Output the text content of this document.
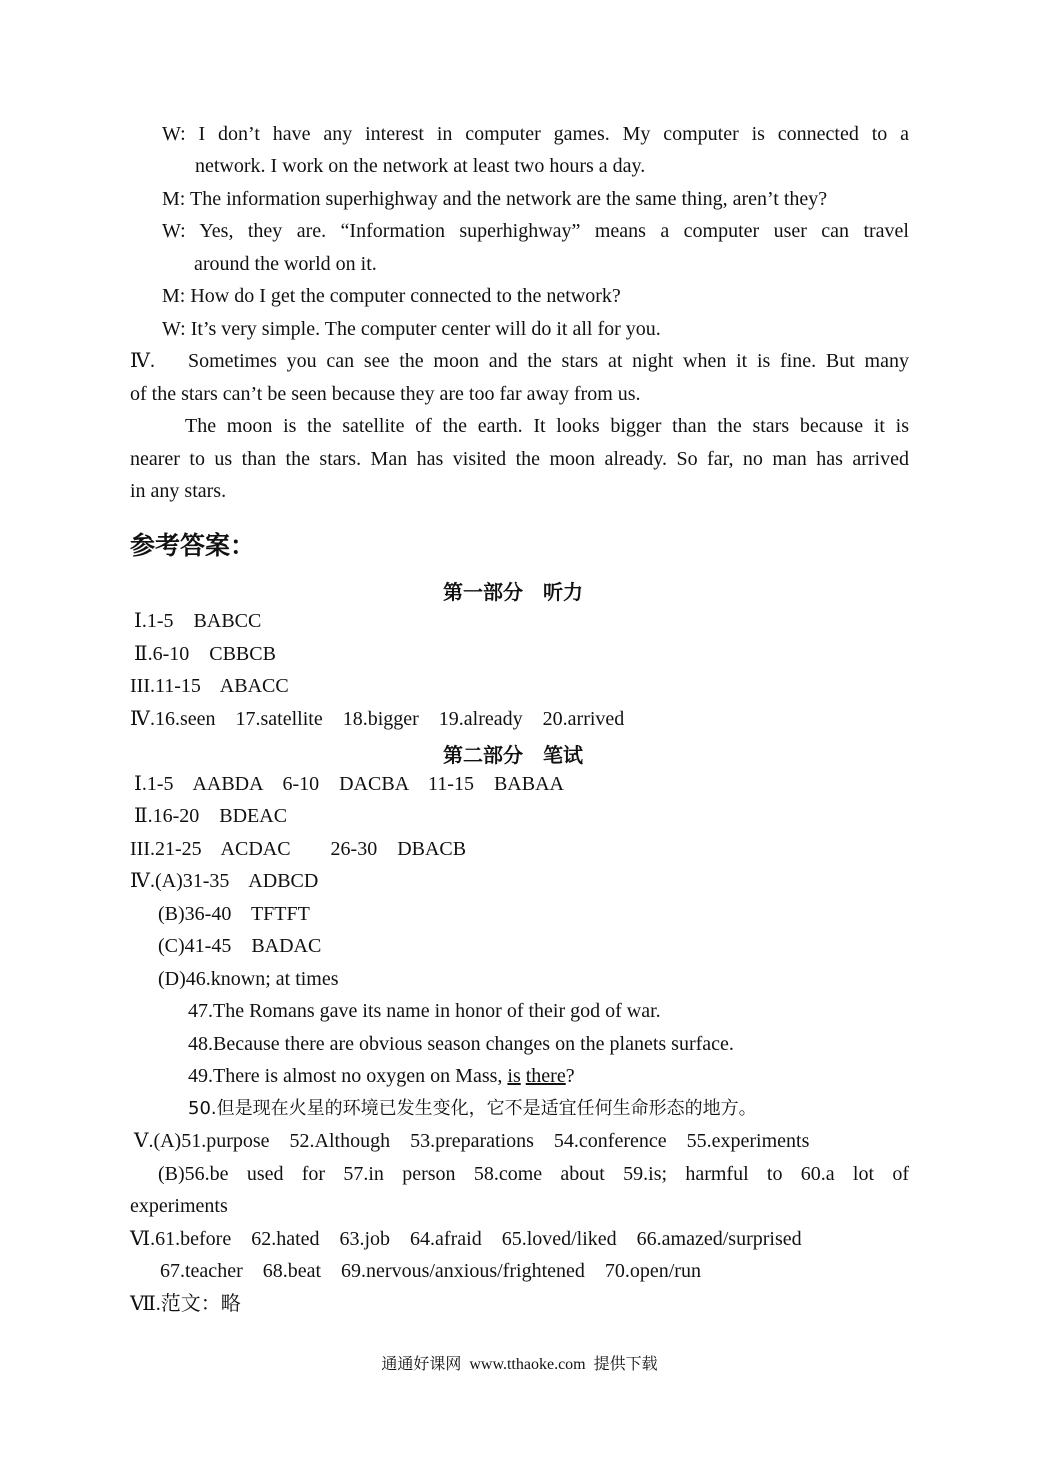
W: I don’t have any interest in computer games. My computer is connected to a
network. I work on the network at least two hours a day.
M: The information superhighway and the network are the same thing, aren’t they?
W: Yes, they are. “Information superhighway” means a computer user can travel
around the world on it.
M: How do I get the computer connected to the network?
W: It’s very simple. The computer center will do it all for you.
Ⅳ. Sometimes you can see the moon and the stars at night when it is fine. But many
of the stars can’t be seen because they are too far away from us.
The moon is the satellite of the earth. It looks bigger than the stars because it is
nearer to us than the stars. Man has visited the moon already. So far, no man has arrived
in any stars.
参考答案：
第一部分　听力
Ⅰ.1-5    BABCC
Ⅱ.6-10    CBBCB
III.11-15    ABACC
Ⅳ.16.seen    17.satellite    18.bigger    19.already    20.arrived
第二部分　笔试
Ⅰ.1-5    AABDA    6-10    DACBA    11-15    BABAA
Ⅱ.16-20    BDEAC
III.21-25    ACDAC        26-30    DBACB
Ⅳ.(A)31-35    ADBCD
(B)36-40    TFTFT
(C)41-45    BADAC
(D)46.known; at times
47.The Romans gave its name in honor of their god of war.
48.Because there are obvious season changes on the planets surface.
49.There is almost no oxygen on Mass, is there?
50.但是现在火星的环境已发生变化，它不是适宜任何生命形态的地方。
Ⅴ.(A)51.purpose    52.Although    53.preparations    54.conference    55.experiments
(B)56.be used for 57.in person 58.come about 59.is; harmful to 60.a lot of
experiments
Ⅵ.61.before    62.hated    63.job    64.afraid    65.loved/liked    66.amazed/surprised
67.teacher    68.beat    69.nervous/anxious/frightened    70.open/run
Ⅶ.范文：略
通通好课网  www.tthaoke.com  提供下载
